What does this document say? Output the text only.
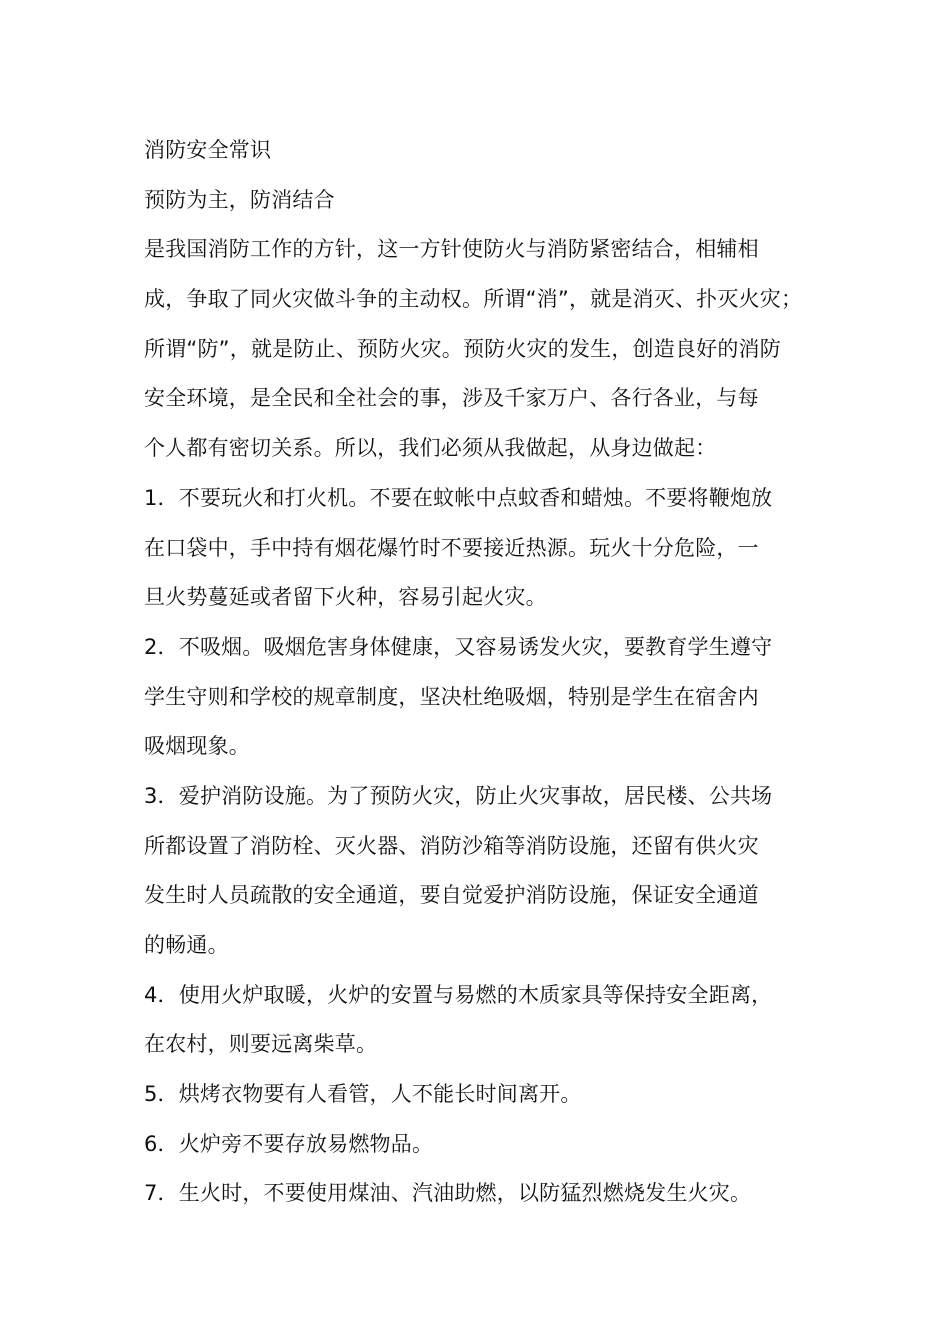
消防安全常识
预防为主，防消结合
是我国消防工作的方针，这一方针使防火与消防紧密结合，相辅相
成，争取了同火灾做斗争的主动权。所谓“消”，就是消灭、扑灭火灾；
所谓“防”，就是防止、预防火灾。预防火灾的发生，创造良好的消防
安全环境，是全民和全社会的事，涉及千家万户、各行各业，与每
个人都有密切关系。所以，我们必须从我做起，从身边做起：
1．不要玩火和打火机。不要在蚊帐中点蚊香和蜡烛。不要将鞭炮放
在口袋中，手中持有烟花爆竹时不要接近热源。玩火十分危险，一
旦火势蔓延或者留下火种，容易引起火灾。
2．不吸烟。吸烟危害身体健康，又容易诱发火灾，要教育学生遵守
学生守则和学校的规章制度，坚决杜绝吸烟，特别是学生在宿舍内
吸烟现象。
3．爱护消防设施。为了预防火灾，防止火灾事故，居民楼、公共场
所都设置了消防栓、灭火器、消防沙箱等消防设施，还留有供火灾
发生时人员疏散的安全通道，要自觉爱护消防设施，保证安全通道
的畅通。
4．使用火炉取暖，火炉的安置与易燃的木质家具等保持安全距离，
在农村，则要远离柴草。
5．烘烤衣物要有人看管，人不能长时间离开。
6．火炉旁不要存放易燃物品。
7．生火时，不要使用煤油、汽油助燃，以防猛烈燃烧发生火灾。
